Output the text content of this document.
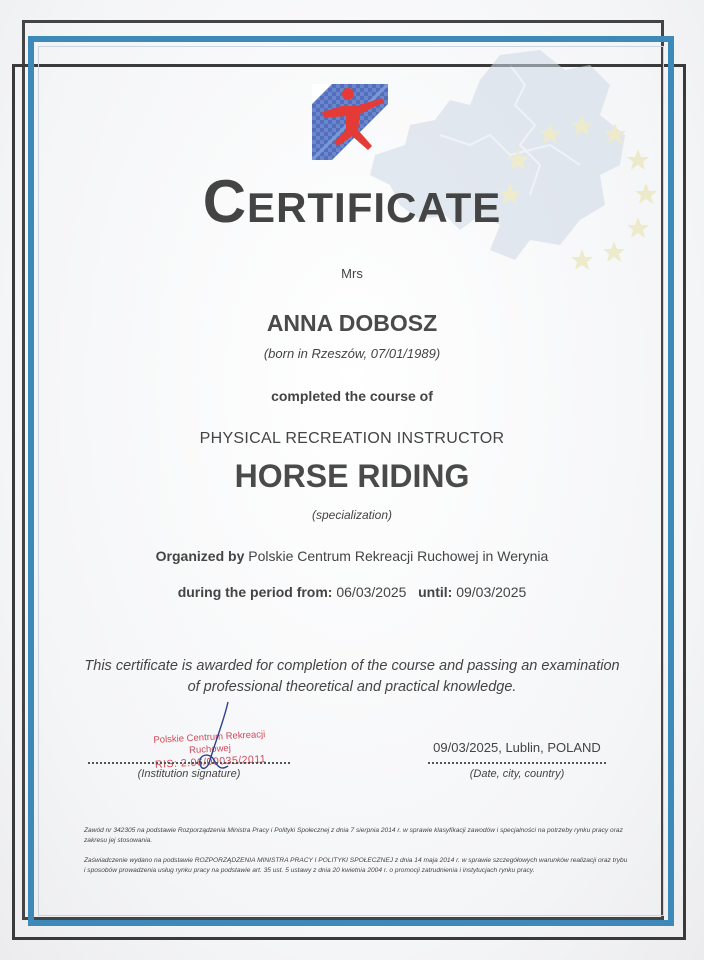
Certificate
Mrs
ANNA DOBOSZ
(born in Rzeszów, 07/01/1989)
completed the course of
PHYSICAL RECREATION INSTRUCTOR
HORSE RIDING
(specialization)
Organized by Polskie Centrum Rekreacji Ruchowej in Werynia
during the period from: 06/03/2025 until: 09/03/2025
This certificate is awarded for completion of the course and passing an examination
of professional theoretical and practical knowledge.
Polskie Centrum Rekreacji Ruchowej
RIS: 2.06/00035/2011
(Institution signature)
09/03/2025, Lublin, POLAND
(Date, city, country)
Zawód nr 342305 na podstawie Rozporządzenia Ministra Pracy i Polityki Społecznej z dnia 7 sierpnia 2014 r. w sprawie klasyfikacji zawodów i specjalności na potrzeby rynku pracy oraz zakresu jej stosowania.
Zaświadczenie wydano na podstawie ROZPORZĄDZENIA MINISTRA PRACY I POLITYKI SPOŁECZNEJ z dnia 14 maja 2014 r. w sprawie szczegółowych warunków realizacji oraz trybu i sposobów prowadzenia usług rynku pracy na podstawie art. 35 ust. 5 ustawy z dnia 20 kwietnia 2004 r. o promocji zatrudnienia i instytucjach rynku pracy.
